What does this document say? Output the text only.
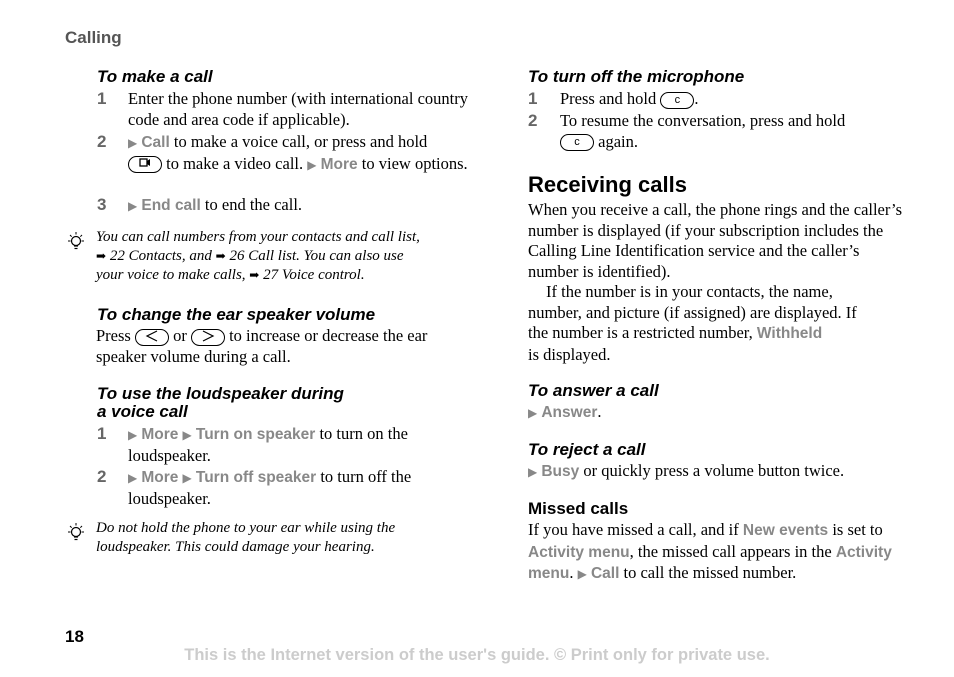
Calling
To make a call
1 Enter the phone number (with international country code and area code if applicable).
2 ▶ Call to make a voice call, or press and hold
to make a video call. ▶ More to view options.
3 ▶ End call to end the call.
You can call numbers from your contacts and call list,
➡ 22 Contacts, and ➡ 26 Call list. You can also use
your voice to make calls, ➡ 27 Voice control.
To change the ear speaker volume
Press	or	to increase or decrease the ear speaker volume during a call.
To use the loudspeaker during
a voice call
1 ▶ More ▶ Turn on speaker to turn on the loudspeaker.
2 ▶ More ▶ Turn off speaker to turn off the loudspeaker.
Do not hold the phone to your ear while using the loudspeaker. This could damage your hearing.
To turn off the microphone
1 Press and hold c .
2 To resume the conversation, press and hold
c again.
Receiving calls
When you receive a call, the phone rings and the caller’s number is displayed (if your subscription includes the Calling Line Identification service and the caller’s number is identified).
If the number is in your contacts, the name, number, and picture (if assigned) are displayed. If the number is a restricted number, Withheld
is displayed.
To answer a call
▶ Answer.
To reject a call
▶ Busy or quickly press a volume button twice.
Missed calls
If you have missed a call, and if New events is set to Activity menu, the missed call appears in the Activity menu. ▶ Call to call the missed number.
18
This is the Internet version of the user's guide. © Print only for private use.
